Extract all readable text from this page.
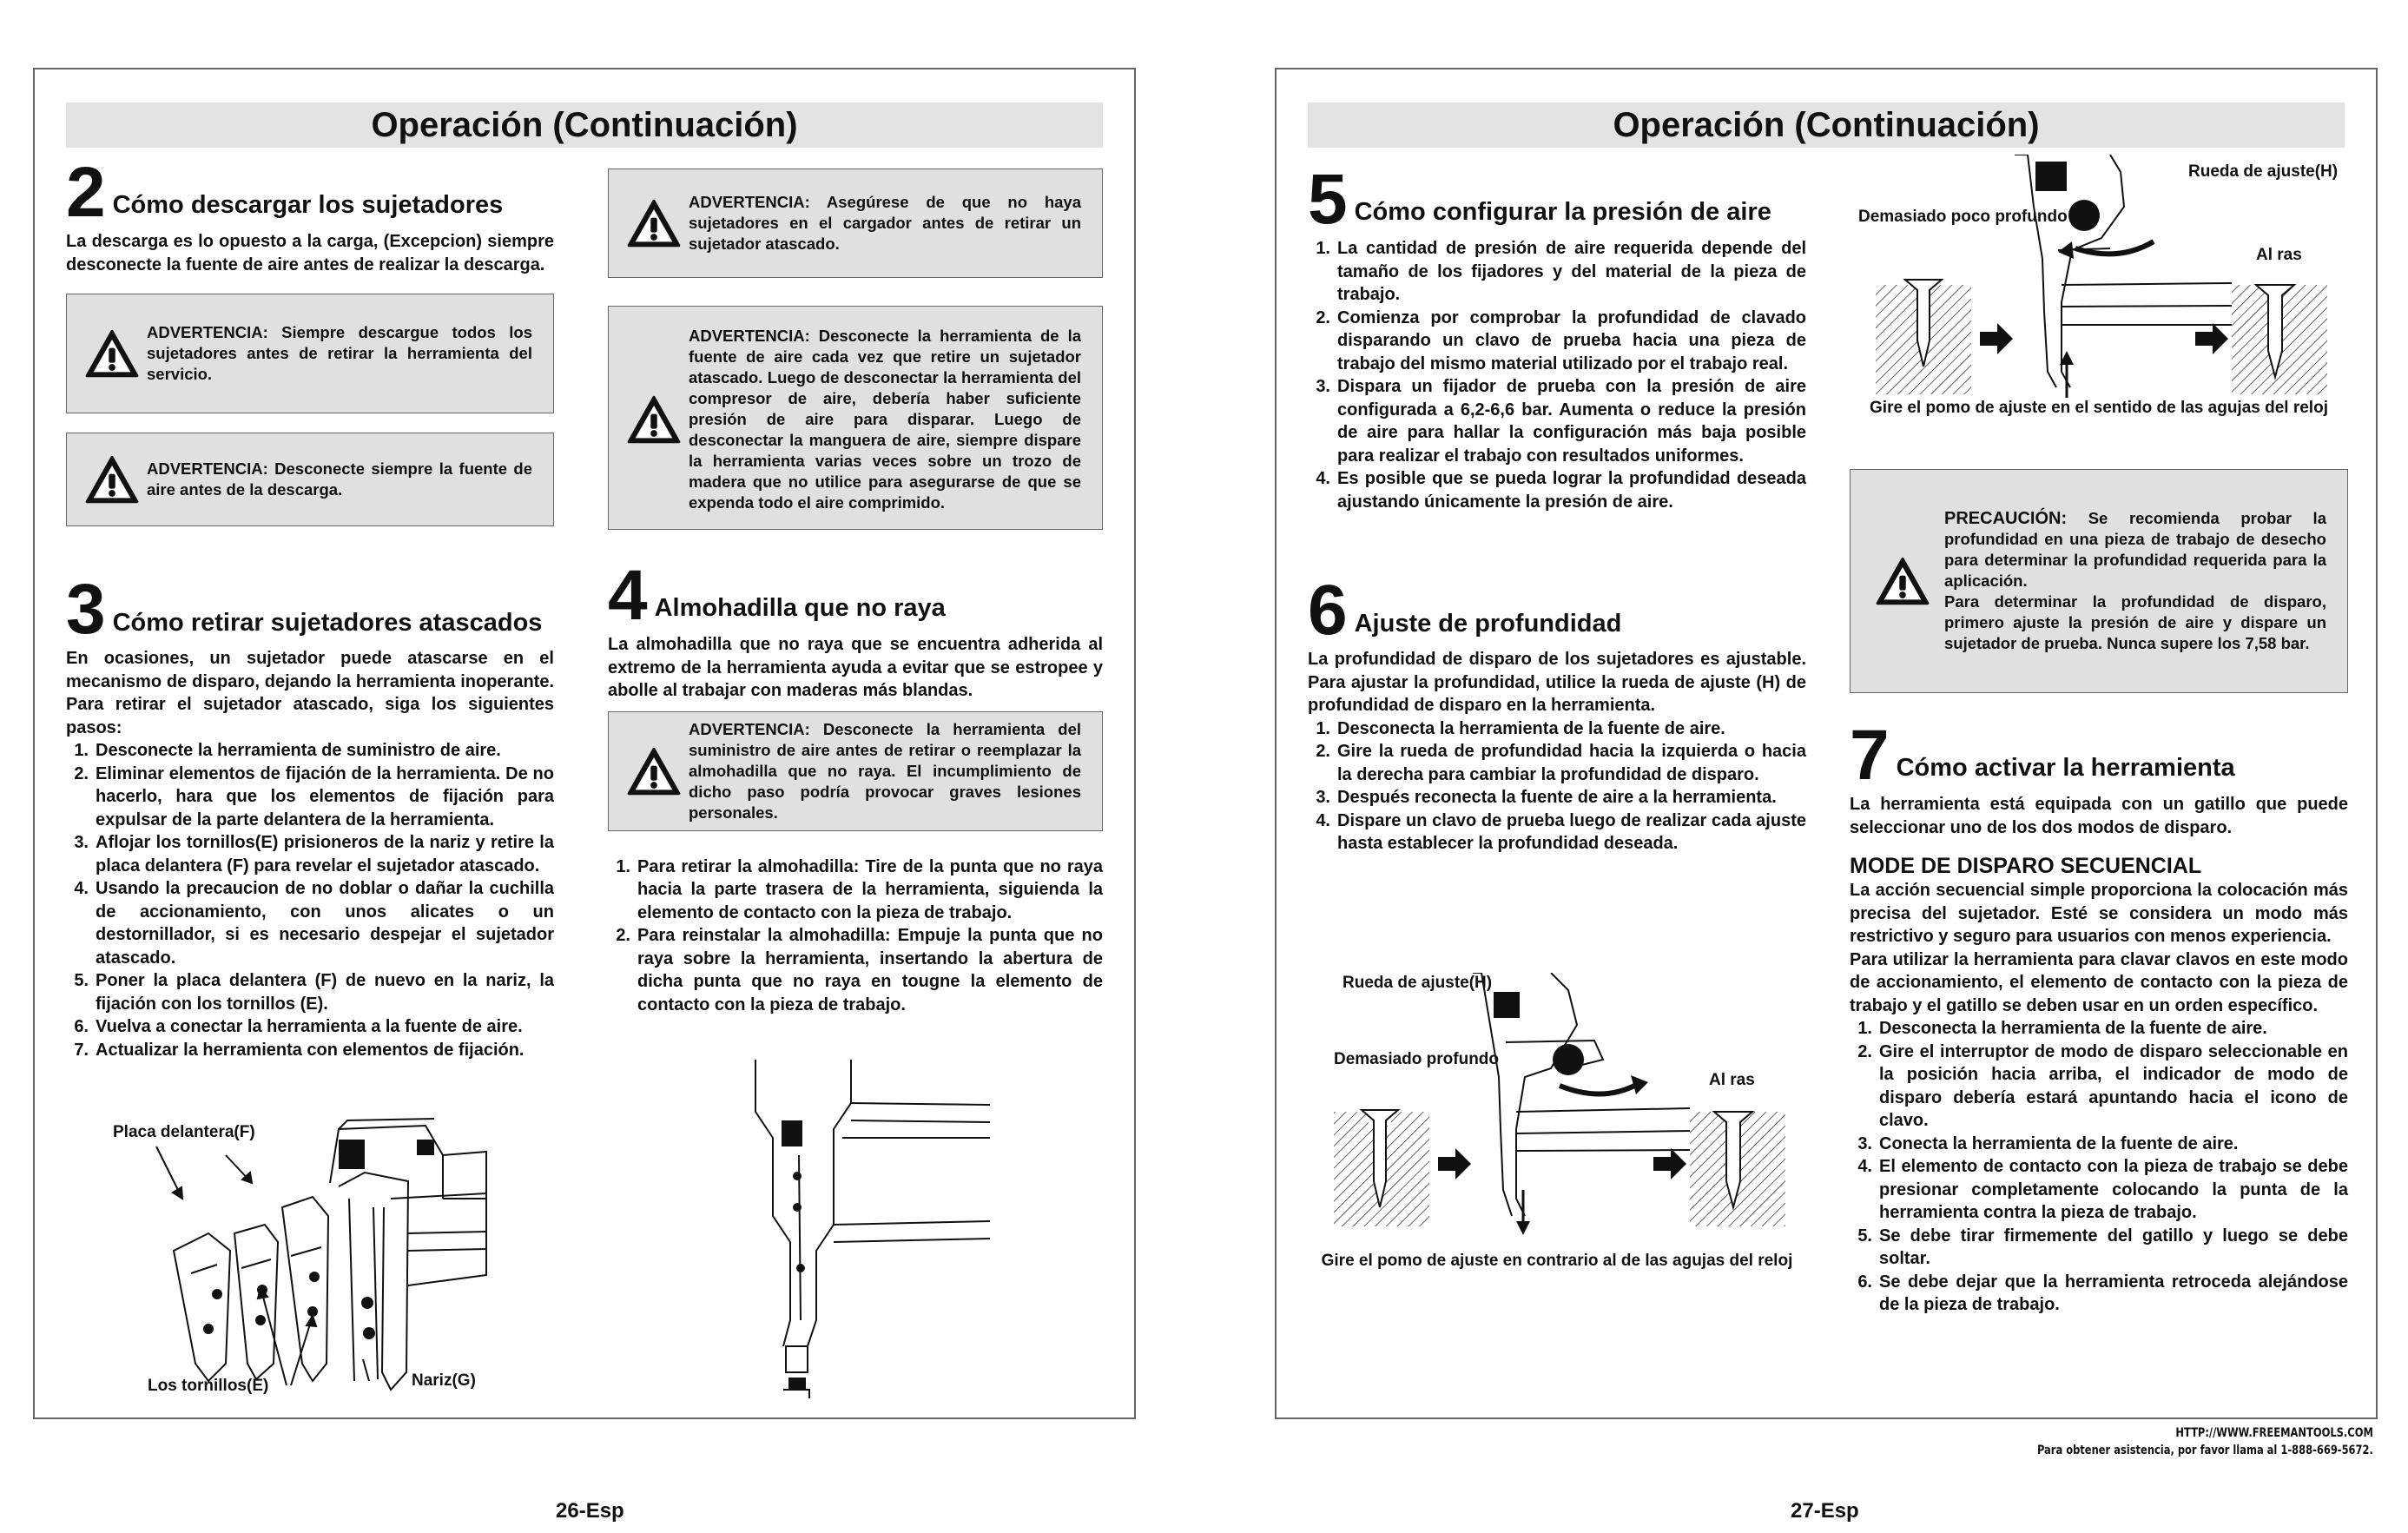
Operación (Continuación)
2 Cómo descargar los sujetadores

La descarga es lo opuesto a la carga, (Excepcion) siempre desconecte la fuente de aire antes de realizar la descarga.

ADVERTENCIA: Siempre descargue todos los sujetadores antes de retirar la herramienta del servicio.
ADVERTENCIA: Desconecte siempre la fuente de aire antes de la descarga.
3 Cómo retirar sujetadores atascados

En ocasiones, un sujetador puede atascarse en el mecanismo de disparo, dejando la herramienta inoperante. Para retirar el sujetador atascado, siga los siguientes pasos:

1. Desconecte la herramienta de suministro de aire.
2. Eliminar elementos de fijación de la herramienta. De no hacerlo, hara que los elementos de fijación para expulsar de la parte delantera de la herramienta.
3. Aflojar los tornillos(E) prisioneros de la nariz y retire la placa delantera (F) para revelar el sujetador atascado.
4. Usando la precaucion de no doblar o dañar la cuchilla de accionamiento, con unos alicates o un destornillador, si es necesario despejar el sujetador atascado.
5. Poner la placa delantera (F) de nuevo en la nariz, la fijación con los tornillos (E).
6. Vuelva a conectar la herramienta a la fuente de aire.
7. Actualizar la herramienta con elementos de fijación.
Placa delantera(F)
Los tornillos(E)	Nariz(G)
ADVERTENCIA: Asegúrese de que no haya sujetadores en el cargador antes de retirar un sujetador atascado.
ADVERTENCIA: Desconecte la herramienta de la fuente de aire cada vez que retire un sujetador atascado. Luego de desconectar la herramienta del compresor de aire, debería haber suficiente presión de aire para disparar. Luego de desconectar la manguera de aire, siempre dispare la herramienta varias veces sobre un trozo de madera que no utilice para asegurarse de que se expenda todo el aire comprimido.
4 Almohadilla que no raya

La almohadilla que no raya que se encuentra adherida al extremo de la herramienta ayuda a evitar que se estropee y abolle al trabajar con maderas más blandas.

ADVERTENCIA: Desconecte la herramienta del suministro de aire antes de retirar o reemplazar la almohadilla que no raya. El incumplimiento de dicho paso podría provocar graves lesiones personales.
1. Para retirar la almohadilla: Tire de la punta que no raya hacia la parte trasera de la herramienta, siguienda la elemento de contacto con la pieza de trabajo.
2. Para reinstalar la almohadilla: Empuje la punta que no raya sobre la herramienta, insertando la abertura de dicha punta que no raya en tougne la elemento de contacto con la pieza de trabajo.
26-Esp
Operación (Continuación)
5 Cómo configurar la presión de aire
1. La cantidad de presión de aire requerida depende del tamaño de los fijadores y del material de la pieza de trabajo.
2. Comienza por comprobar la profundidad de clavado disparando un clavo de prueba hacia una pieza de trabajo del mismo material utilizado por el trabajo real.
3. Dispara un fijador de prueba con la presión de aire configurada a 6,2-6,6 bar. Aumenta o reduce la presión de aire para hallar la configuración más baja posible para realizar el trabajo con resultados uniformes.
4. Es posible que se pueda lograr la profundidad deseada ajustando únicamente la presión de aire.
6 Ajuste de profundidad

La profundidad de disparo de los sujetadores es ajustable. Para ajustar la profundidad, utilice la rueda de ajuste (H) de profundidad de disparo en la herramienta.

1. Desconecta la herramienta de la fuente de aire.
2. Gire la rueda de profundidad hacia la izquierda o hacia la derecha para cambiar la profundidad de disparo.
3. Después reconecta la fuente de aire a la herramienta.
4. Dispare un clavo de prueba luego de realizar cada ajuste hasta establecer la profundidad deseada.
Rueda de ajuste(H)
Demasiado profundo
Al ras
Gire el pomo de ajuste en contrario al de las agujas del reloj
Rueda de ajuste(H)
Demasiado poco profundo
Al ras
Gire el pomo de ajuste en el sentido de las agujas del reloj
PRECAUCIÓN: Se recomienda probar la profundidad en una pieza de trabajo de desecho para determinar la profundidad requerida para la aplicación.
Para determinar la profundidad de disparo, primero ajuste la presión de aire y dispare un sujetador de prueba. Nunca supere los 7,58 bar.
7 Cómo activar la herramienta

La herramienta está equipada con un gatillo que puede seleccionar uno de los dos modos de disparo.

MODE DE DISPARO SECUENCIAL

La acción secuencial simple proporciona la colocación más precisa del sujetador. Esté se considera un modo más restrictivo y seguro para usuarios con menos experiencia.

Para utilizar la herramienta para clavar clavos en este modo de accionamiento, el elemento de contacto con la pieza de trabajo y el gatillo se deben usar en un orden específico.

1. Desconecta la herramienta de la fuente de aire.
2. Gire el interruptor de modo de disparo seleccionable en la posición hacia arriba, el indicador de modo de disparo debería estará apuntando hacia el icono de clavo.
3. Conecta la herramienta de la fuente de aire.
4. El elemento de contacto con la pieza de trabajo se debe presionar completamente colocando la punta de la herramienta contra la pieza de trabajo.
5. Se debe tirar firmemente del gatillo y luego se debe soltar.
6. Se debe dejar que la herramienta retroceda alejándose de la pieza de trabajo.
27-Esp
HTTP://WWW.FREEMANTOOLS.COM
Para obtener asistencia, por favor llama al 1-888-669-5672.
